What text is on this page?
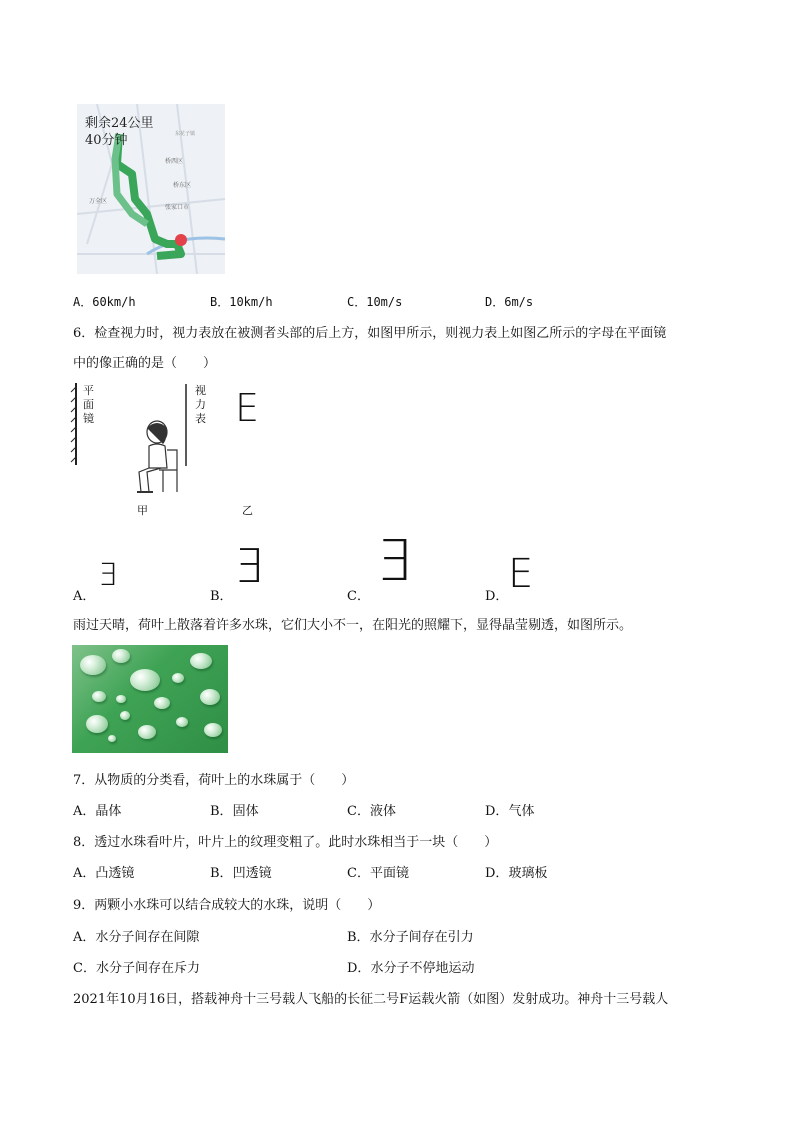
剩余24公里
40分钟	东花子镇
桥西区
桥东区
张家口市
万全区
A．60km/h	B．10km/h	C．10m/s	D．6m/s
6．检查视力时，视力表放在被测者头部的后上方，如图甲所示，则视力表上如图乙所示的字母在平面镜
中的像正确的是（　　）
平
面
镜
视
力
表
甲
E
乙
A．
Ǝ
B．
Ǝ
C．
Ǝ
D． E
雨过天晴，荷叶上散落着许多水珠，它们大小不一，在阳光的照耀下，显得晶莹剔透，如图所示。
7．从物质的分类看，荷叶上的水珠属于（　　）
A．晶体	B．固体	C．液体	D．气体
8．透过水珠看叶片，叶片上的纹理变粗了。此时水珠相当于一块（　　）
A．凸透镜	B．凹透镜	C．平面镜	D．玻璃板
9．两颗小水珠可以结合成较大的水珠，说明（　　）
A．水分子间存在间隙	B．水分子间存在引力
C．水分子间存在斥力	D．水分子不停地运动
2021年10月16日，搭载神舟十三号载人飞船的长征二号F运载火箭（如图）发射成功。神舟十三号载人
